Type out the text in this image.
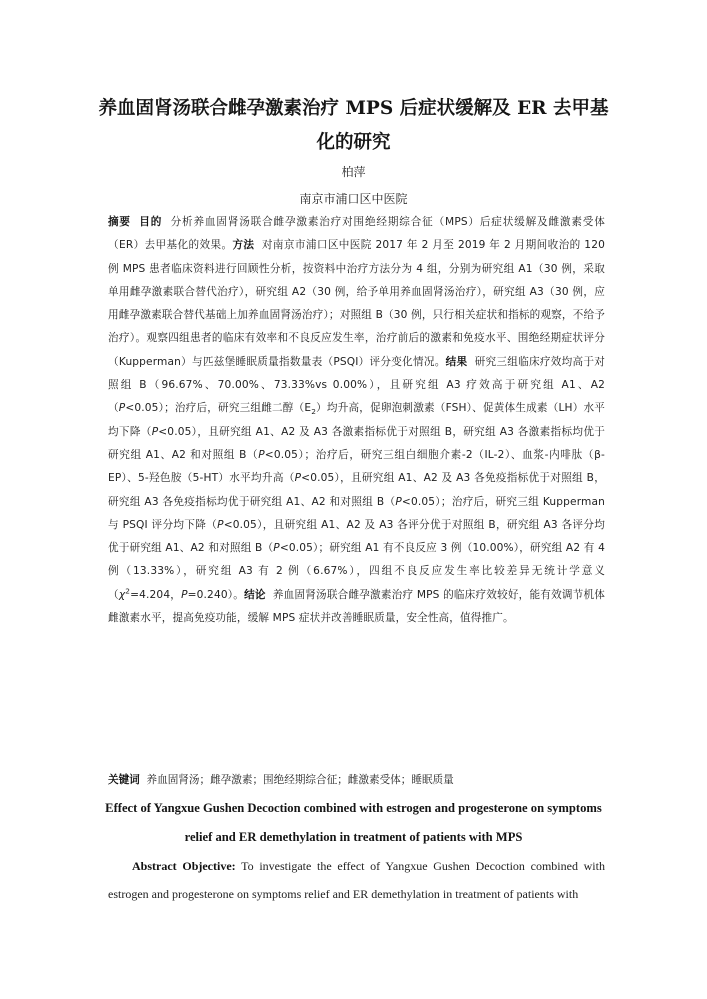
养血固肾汤联合雌孕激素治疗 MPS 后症状缓解及 ER 去甲基化的研究

柏萍

南京市浦口区中医院

摘要 目的 分析养血固肾汤联合雌孕激素治疗对围绝经期综合征（MPS）后症状缓解及雌激素受体（ER）去甲基化的效果。方法 对南京市浦口区中医院 2017 年 2 月至 2019 年 2 月期间收治的 120 例 MPS 患者临床资料进行回顾性分析，按资料中治疗方法分为 4 组，分别为研究组 A1（30 例，采取单用雌孕激素联合替代治疗），研究组 A2（30 例，给予单用养血固肾汤治疗），研究组 A3（30 例，应用雌孕激素联合替代基础上加养血固肾汤治疗）；对照组 B（30 例，只行相关症状和指标的观察，不给予治疗）。观察四组患者的临床有效率和不良反应发生率，治疗前后的激素和免疫水平、围绝经期症状评分（Kupperman）与匹兹堡睡眠质量指数量表（PSQI）评分变化情况。结果 研究三组临床疗效均高于对照组 B（96.67%、70.00%、73.33%vs 0.00%），且研究组 A3 疗效高于研究组 A1、A2（P<0.05）；治疗后，研究三组雌二醇$(E_2)$均升高，促卵泡刺激素（FSH）、促黄体生成素（LH）水平均下降（P<0.05），且研究组 A1、A2 及 A3 各激素指标优于对照组 B，研究组 A3 各激素指标均优于研究组 A1、A2 和对照组 B（P<0.05）；治疗后，研究三组白细胞介素-2（IL-2）、血浆-内啡肽（β-EP）、5-羟色胺（5-HT）水平均升高（P<0.05），且研究组 A1、A2 及 A3 各免疫指标优于对照组 B，研究组 A3 各免疫指标均优于研究组 A1、A2 和对照组 B（P<0.05）；治疗后，研究三组 Kupperman 与 PSQI 评分均下降（P<0.05），且研究组 A1、A2 及 A3 各评分优于对照组 B，研究组 A3 各评分均优于研究组 A1、A2 和对照组 B（P<0.05）；研究组 A1 有不良反应 3 例（10.00%），研究组 A2 有 4 例（13.33%），研究组 A3 有 2 例（6.67%），四组不良反应发生率比较差异无统计学意义（$\chi^2=4.204$，P=0.240）。结论 养血固肾汤联合雌孕激素治疗 MPS 的临床疗效较好，能有效调节机体雌激素水平，提高免疫功能，缓解 MPS 症状并改善睡眠质量，安全性高，值得推广。

关键词 养血固肾汤；雌孕激素；围绝经期综合征；雌激素受体；睡眠质量

Effect of Yangxue Gushen Decoction combined with estrogen and progesterone on symptoms relief and ER demethylation in treatment of patients with MPS

Abstract Objective: To investigate the effect of Yangxue Gushen Decoction combined with estrogen and progesterone on symptoms relief and ER demethylation in treatment of patients with
